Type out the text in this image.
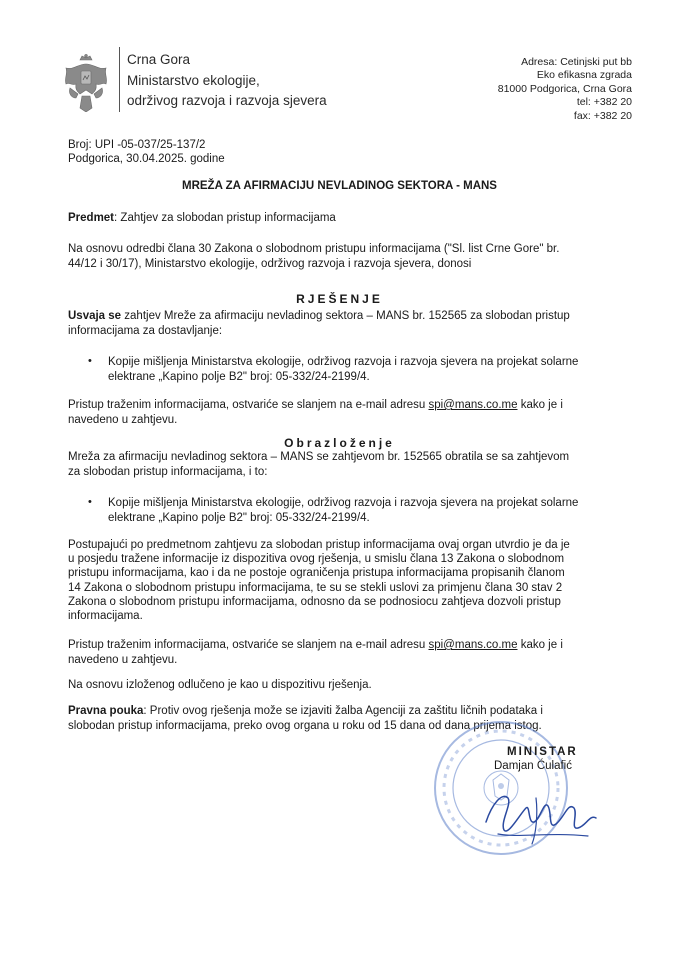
Crna Gora
Ministarstvo ekologije,
održivog razvoja i razvoja sjevera
Adresa: Cetinjski put bb
Eko efikasna zgrada
81000 Podgorica, Crna Gora
tel: +382 20
fax: +382 20
Broj: UPI -05-037/25-137/2
Podgorica, 30.04.2025. godine
MREŽA ZA AFIRMACIJU NEVLADINOG SEKTORA - MANS
Predmet: Zahtjev za slobodan pristup informacijama
Na osnovu odredbi člana 30 Zakona o slobodnom pristupu informacijama ("Sl. list Crne Gore" br.
44/12 i 30/17), Ministarstvo ekologije, održivog razvoja i razvoja sjevera, donosi
RJEŠENJE
Usvaja se zahtjev Mreže za afirmaciju nevladinog sektora – MANS br. 152565 za slobodan pristup
informacijama za dostavljanje:
• Kopije mišljenja Ministarstva ekologije, održivog razvoja i razvoja sjevera na projekat solarne
elektrane „Kapino polje B2" broj: 05-332/24-2199/4.
Pristup traženim informacijama, ostvariće se slanjem na e-mail adresu spi@mans.co.me kako je i
navedeno u zahtjevu.
Obrazloženje
Mreža za afirmaciju nevladinog sektora – MANS se zahtjevom br. 152565 obratila se sa zahtjevom
za slobodan pristup informacijama, i to:
• Kopije mišljenja Ministarstva ekologije, održivog razvoja i razvoja sjevera na projekat solarne
elektrane „Kapino polje B2" broj: 05-332/24-2199/4.
Postupajući po predmetnom zahtjevu za slobodan pristup informacijama ovaj organ utvrdio je da je
u posjedu tražene informacije iz dispozitiva ovog rješenja, u smislu člana 13 Zakona o slobodnom
pristupu informacijama, kao i da ne postoje ograničenja pristupa informacijama propisanih članom
14 Zakona o slobodnom pristupu informacijama, te su se stekli uslovi za primjenu člana 30 stav 2
Zakona o slobodnom pristupu informacijama, odnosno da se podnosiocu zahtjeva dozvoli pristup
informacijama.
Pristup traženim informacijama, ostvariće se slanjem na e-mail adresu spi@mans.co.me kako je i
navedeno u zahtjevu.
Na osnovu izloženog odlučeno je kao u dispozitivu rješenja.
Pravna pouka: Protiv ovog rješenja može se izjaviti žalba Agenciji za zaštitu ličnih podataka i
slobodan pristup informacijama, preko ovog organa u roku od 15 dana od dana prijema istog.
MINISTAR
Damjan Ćulafić
